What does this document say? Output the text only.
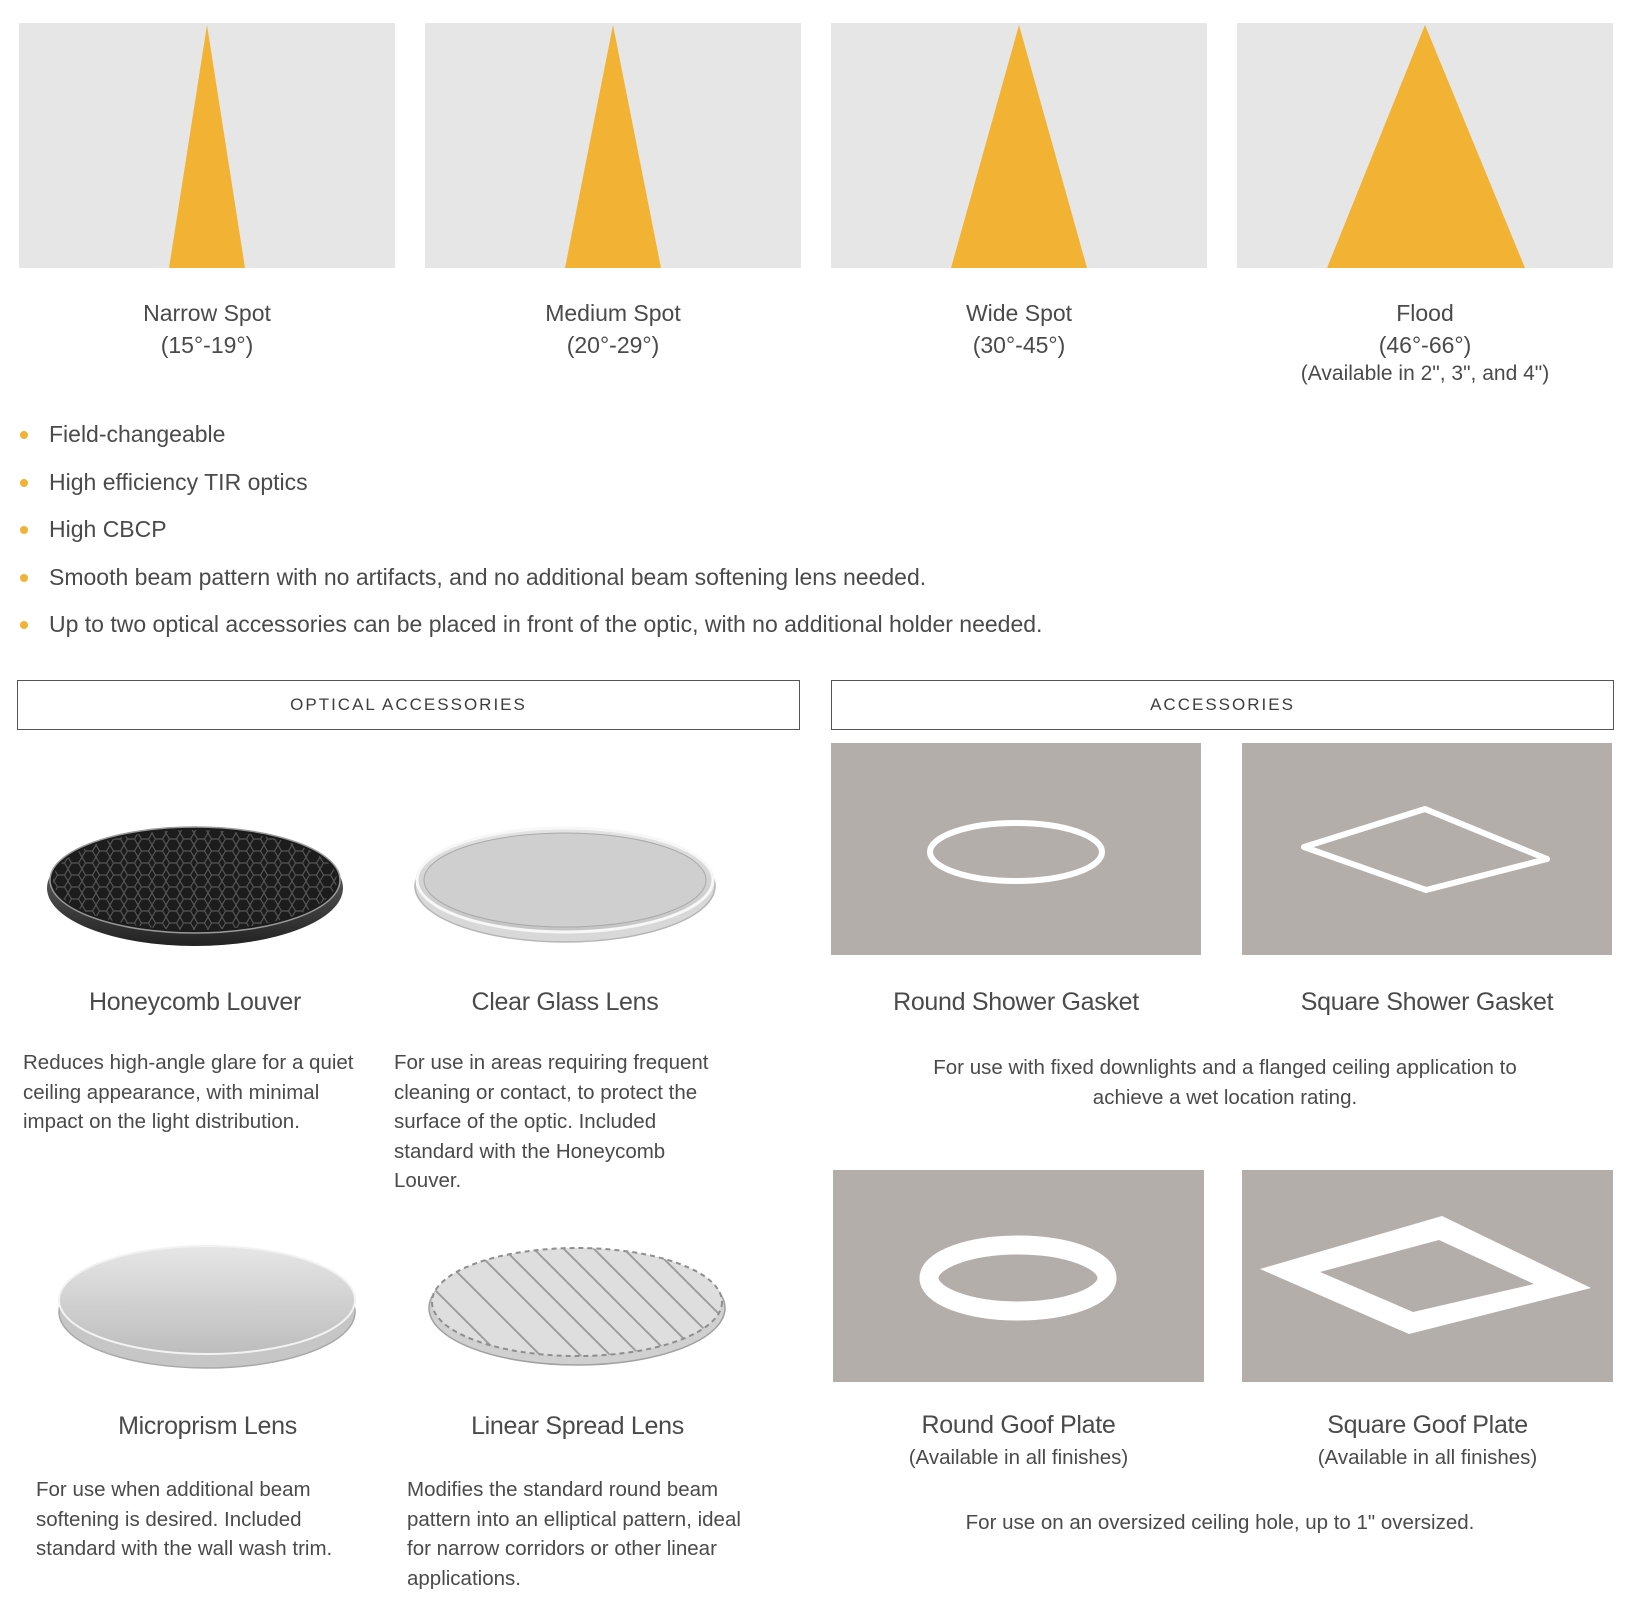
Narrow Spot
(15°-19°)
Medium Spot
(20°-29°)
Wide Spot
(30°-45°)
Flood
(46°-66°)
(Available in 2", 3", and 4")
Field-changeable
High efficiency TIR optics
High CBCP
Smooth beam pattern with no artifacts, and no additional beam softening lens needed.
Up to two optical accessories can be placed in front of the optic, with no additional holder needed.
OPTICAL ACCESSORIES	ACCESSORIES
Honeycomb Louver	Clear Glass Lens
Reduces high-angle glare for a quiet ceiling appearance, with minimal impact on the light distribution.
For use in areas requiring frequent cleaning or contact, to protect the surface of the optic. Included standard with the Honeycomb Louver.
Microprism Lens	Linear Spread Lens
For use when additional beam softening is desired. Included standard with the wall wash trim.
Modifies the standard round beam pattern into an elliptical pattern, ideal for narrow corridors or other linear applications.
Round Shower Gasket	Square Shower Gasket
For use with fixed downlights and a flanged ceiling application to achieve a wet location rating.
Round Goof Plate	Square Goof Plate
(Available in all finishes)	(Available in all finishes)
For use on an oversized ceiling hole, up to 1" oversized.
